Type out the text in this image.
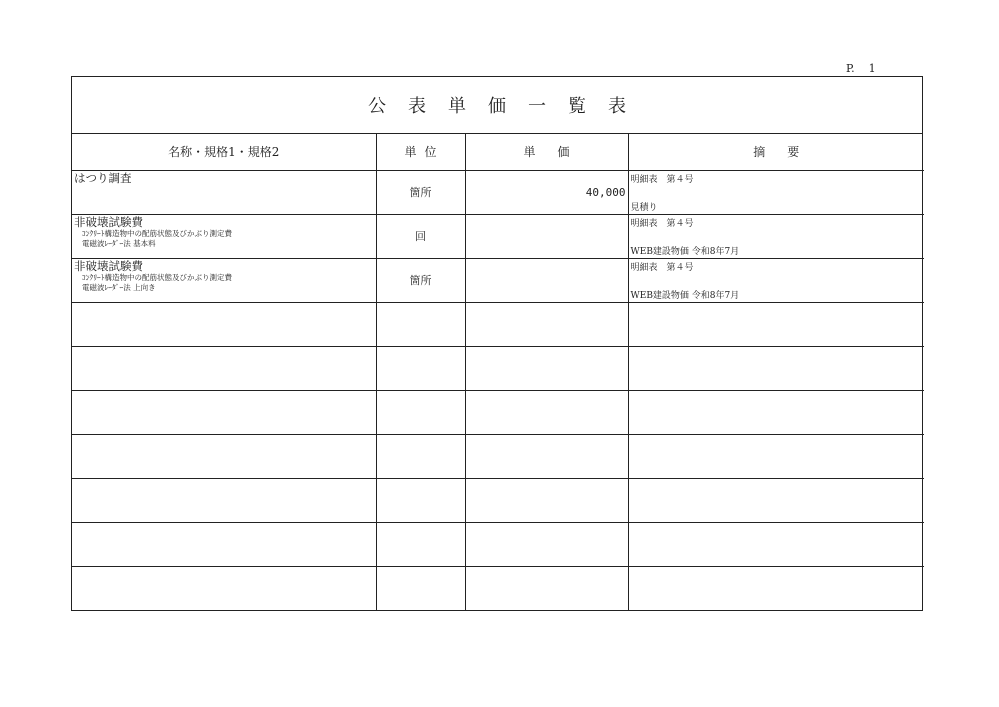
P.    1
公表単価一覧表
名称・規格1・規格2	単位	単価	摘要

はつり調査	箇所	40,000	明細表　第４号
見積り

非破壊試験費
ｺﾝｸﾘｰﾄ構造物中の配筋状態及びかぶり測定費
電磁波ﾚｰﾀﾞｰ法 基本料	回		明細表　第４号
WEB建設物価 令和8年7月

非破壊試験費
ｺﾝｸﾘｰﾄ構造物中の配筋状態及びかぶり測定費
電磁波ﾚｰﾀﾞｰ法 上向き	箇所		明細表　第４号
WEB建設物価 令和8年7月
